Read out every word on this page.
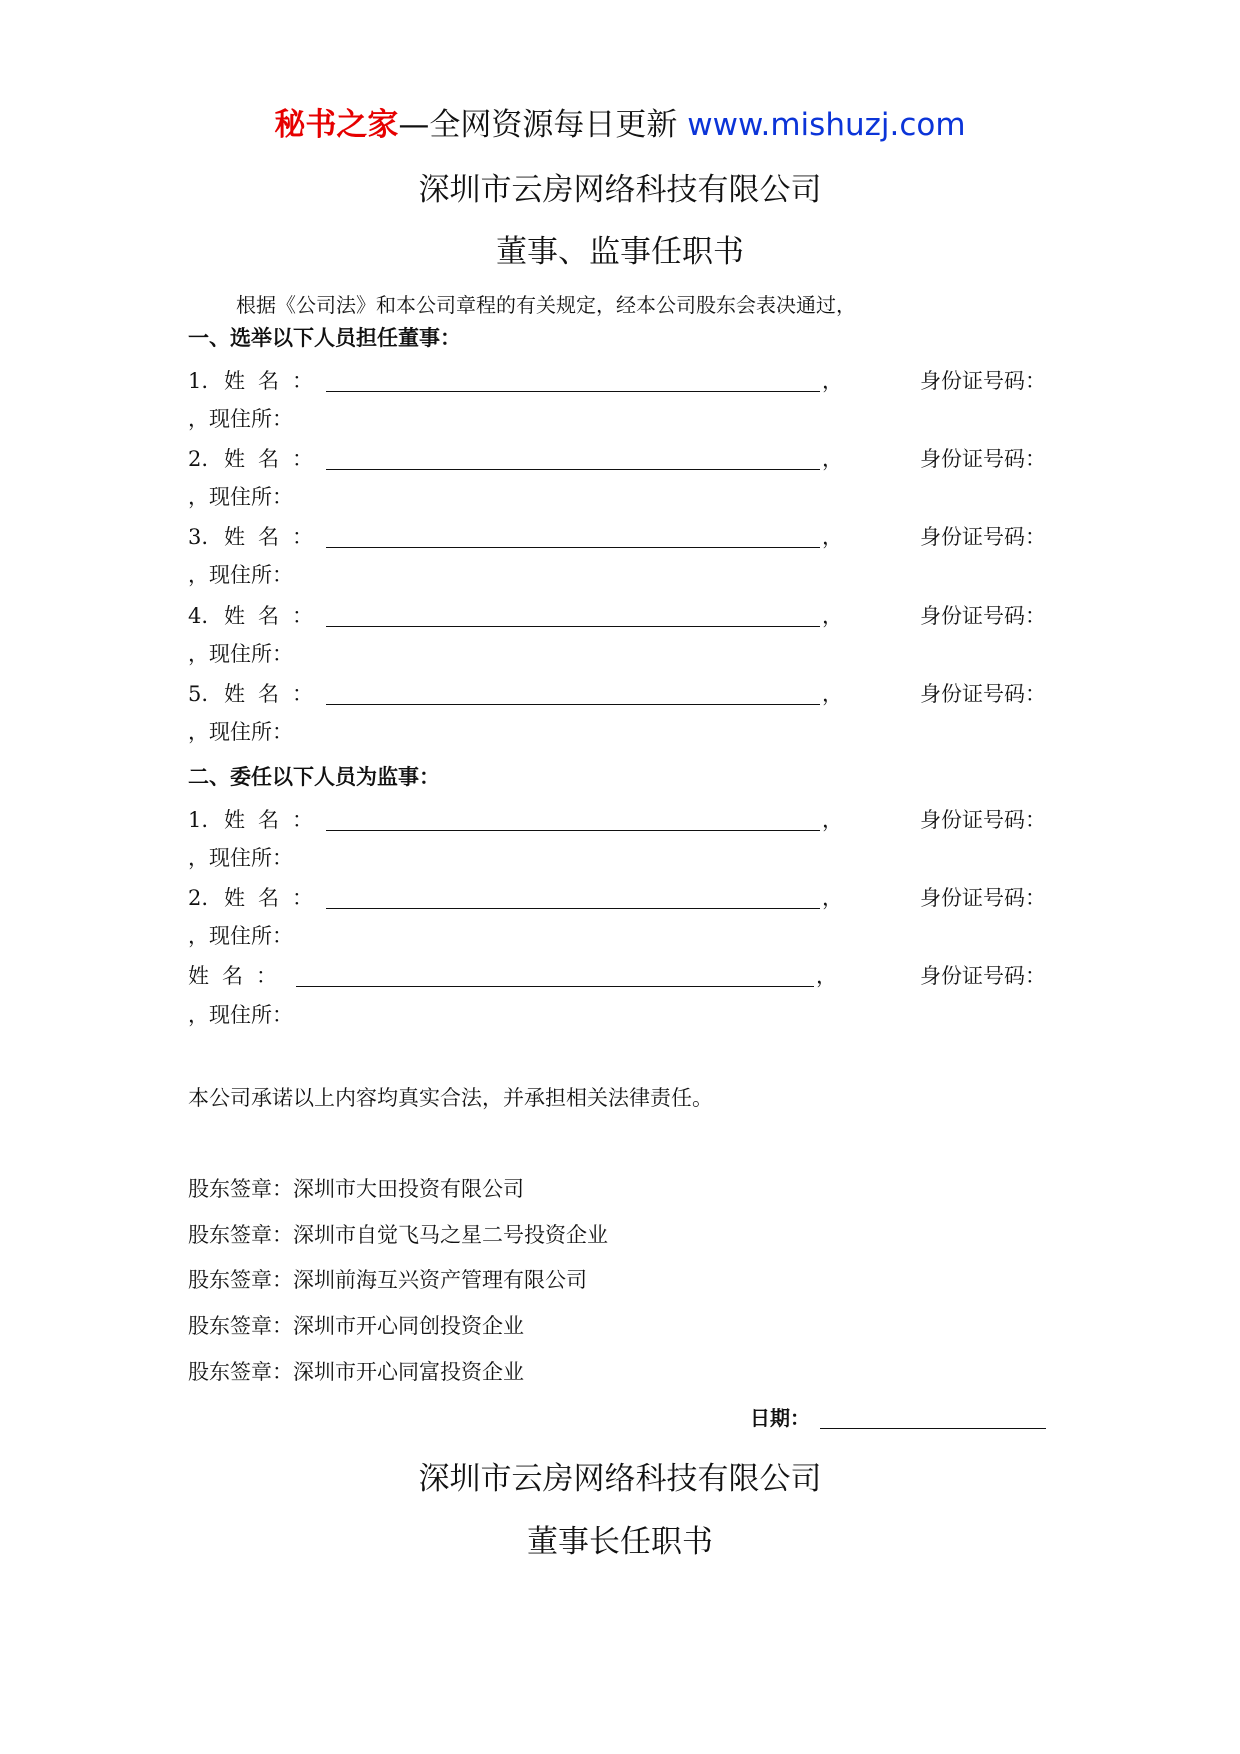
秘书之家—全网资源每日更新 www.mishuzj.com
深圳市云房网络科技有限公司
董事、监事任职书
根据《公司法》和本公司章程的有关规定，经本公司股东会表决通过，
一、选举以下人员担任董事：
1. 姓名：	，	身份证号码：
，现住所：
2. 姓名：	，	身份证号码：
，现住所：
3. 姓名：	，	身份证号码：
，现住所：
4. 姓名：	，	身份证号码：
，现住所：
5. 姓名：	，	身份证号码：
，现住所：
二、委任以下人员为监事：
1. 姓名：	，	身份证号码：
，现住所：
2. 姓名：	，	身份证号码：
，现住所：
姓名：	，	身份证号码：
，现住所：
本公司承诺以上内容均真实合法，并承担相关法律责任。
股东签章：深圳市大田投资有限公司
股东签章：深圳市自觉飞马之星二号投资企业
股东签章：深圳前海互兴资产管理有限公司
股东签章：深圳市开心同创投资企业
股东签章：深圳市开心同富投资企业
日期：
深圳市云房网络科技有限公司
董事长任职书
